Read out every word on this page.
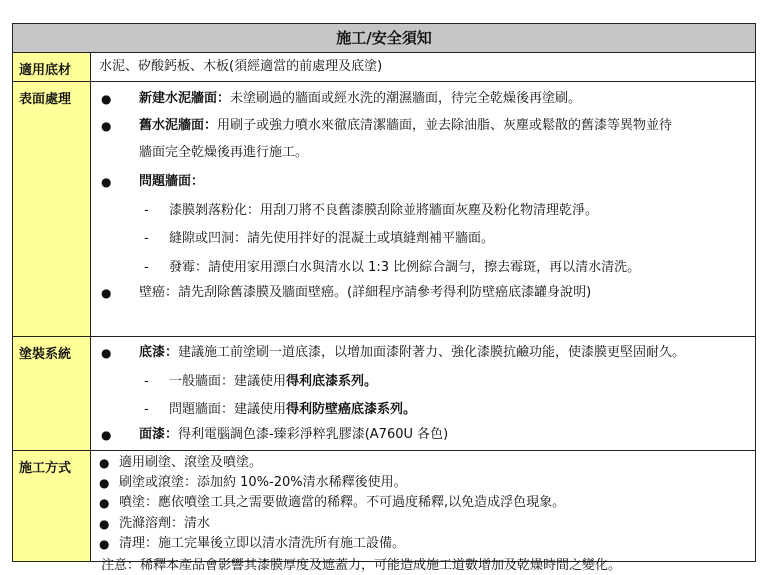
施工/安全須知
適用底材	水泥、矽酸鈣板、木板(須經適當的前處理及底塗)
表面處理	● 新建水泥牆面：未塗刷過的牆面或經水洗的潮濕牆面，待完全乾燥後再塗刷。
● 舊水泥牆面：用刷子或強力噴水來徹底清潔牆面，並去除油脂、灰塵或鬆散的舊漆等異物並待
牆面完全乾燥後再進行施工。
● 問題牆面：
- 漆膜剝落粉化：用刮刀將不良舊漆膜刮除並將牆面灰塵及粉化物清理乾淨。
- 縫隙或凹洞：請先使用拌好的混凝土或填縫劑補平牆面。
- 發霉：請使用家用漂白水與清水以 1:3 比例綜合調勻，擦去霉斑，再以清水清洗。
● 壁癌：請先刮除舊漆膜及牆面壁癌。(詳細程序請參考得利防壁癌底漆罐身說明)
塗裝系統	● 底漆：建議施工前塗刷一道底漆，以增加面漆附著力、強化漆膜抗鹼功能，使漆膜更堅固耐久。
- 一般牆面：建議使用得利底漆系列。
- 問題牆面：建議使用得利防壁癌底漆系列。
● 面漆：得利電腦調色漆-臻彩淨粹乳膠漆(A760U 各色)
施工方式	● 適用刷塗、滾塗及噴塗。
● 刷塗或滾塗：添加約 10%-20%清水稀釋後使用。
● 噴塗：應依噴塗工具之需要做適當的稀釋。不可過度稀釋,以免造成浮色現象。
● 洗滌溶劑：清水
● 清理：施工完畢後立即以清水清洗所有施工設備。
注意：稀釋本產品會影響其漆膜厚度及遮蓋力，可能造成施工道數增加及乾燥時間之變化。
